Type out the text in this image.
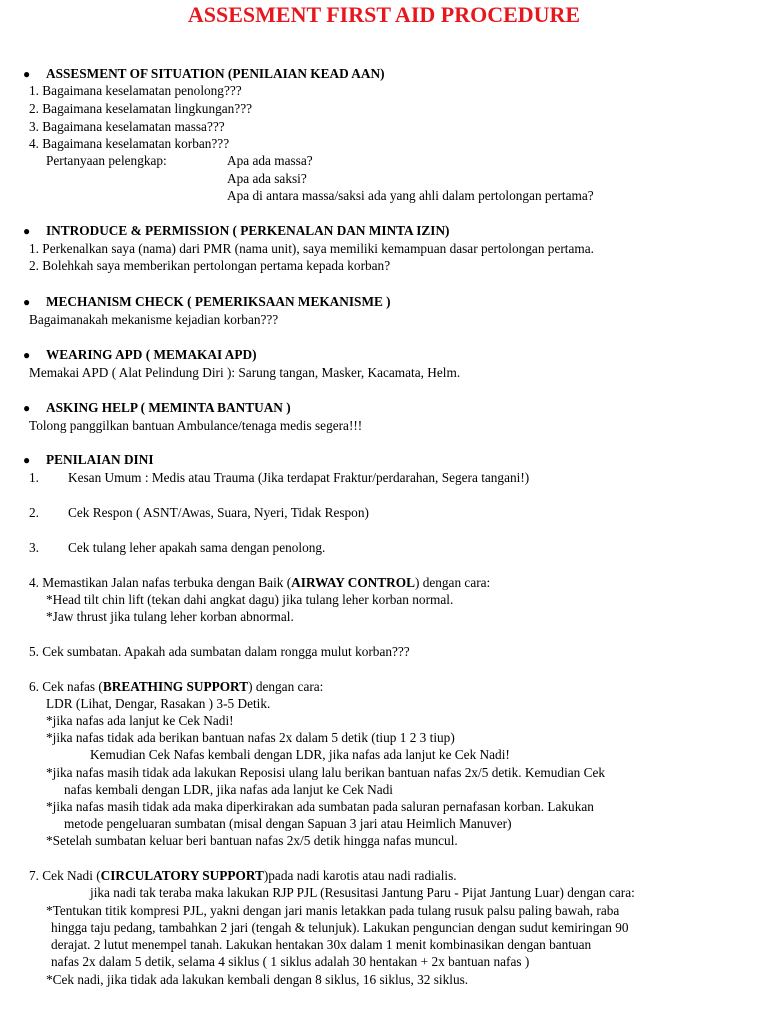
ASSESMENT FIRST AID PROCEDURE
● ASSESMENT OF SITUATION (PENILAIAN KEAD AAN)
1. Bagaimana keselamatan penolong???
2. Bagaimana keselamatan lingkungan???
3. Bagaimana keselamatan massa???
4. Bagaimana keselamatan korban???
Pertanyaan pelengkap:	Apa ada massa?
Apa ada saksi?
Apa di antara massa/saksi ada yang ahli dalam pertolongan pertama?
● INTRODUCE & PERMISSION ( PERKENALAN DAN MINTA IZIN)
1. Perkenalkan saya (nama) dari PMR (nama unit), saya memiliki kemampuan dasar pertolongan pertama.
2. Bolehkah saya memberikan pertolongan pertama kepada korban?
● MECHANISM CHECK ( PEMERIKSAAN MEKANISME )
Bagaimanakah mekanisme kejadian korban???
● WEARING APD ( MEMAKAI APD)
Memakai APD ( Alat Pelindung Diri ): Sarung tangan, Masker, Kacamata, Helm.
● ASKING HELP ( MEMINTA BANTUAN )
Tolong panggilkan bantuan Ambulance/tenaga medis segera!!!
● PENILAIAN DINI
1. Kesan Umum : Medis atau Trauma (Jika terdapat Fraktur/perdarahan, Segera tangani!)
2. Cek Respon ( ASNT/Awas, Suara, Nyeri, Tidak Respon)
3. Cek tulang leher apakah sama dengan penolong.
4. Memastikan Jalan nafas terbuka dengan Baik (AIRWAY CONTROL) dengan cara:
*Head tilt chin lift (tekan dahi angkat dagu) jika tulang leher korban normal.
*Jaw thrust jika tulang leher korban abnormal.
5. Cek sumbatan. Apakah ada sumbatan dalam rongga mulut korban???
6. Cek nafas (BREATHING SUPPORT) dengan cara:
LDR (Lihat, Dengar, Rasakan ) 3-5 Detik.
*jika nafas ada lanjut ke Cek Nadi!
*jika nafas tidak ada berikan bantuan nafas 2x dalam 5 detik (tiup 1 2 3 tiup)
Kemudian Cek Nafas kembali dengan LDR, jika nafas ada lanjut ke Cek Nadi!
*jika nafas masih tidak ada lakukan Reposisi ulang lalu berikan bantuan nafas 2x/5 detik. Kemudian Cek
nafas kembali dengan LDR, jika nafas ada lanjut ke Cek Nadi
*jika nafas masih tidak ada maka diperkirakan ada sumbatan pada saluran pernafasan korban. Lakukan
metode pengeluaran sumbatan (misal dengan Sapuan 3 jari atau Heimlich Manuver)
*Setelah sumbatan keluar beri bantuan nafas 2x/5 detik hingga nafas muncul.
7. Cek Nadi (CIRCULATORY SUPPORT)pada nadi karotis atau nadi radialis.
jika nadi tak teraba maka lakukan RJP PJL (Resusitasi Jantung Paru - Pijat Jantung Luar) dengan cara:
*Tentukan titik kompresi PJL, yakni dengan jari manis letakkan pada tulang rusuk palsu paling bawah, raba
hingga taju pedang, tambahkan 2 jari (tengah & telunjuk). Lakukan penguncian dengan sudut kemiringan 90
derajat. 2 lutut menempel tanah. Lakukan hentakan 30x dalam 1 menit kombinasikan dengan bantuan
nafas 2x dalam 5 detik, selama 4 siklus ( 1 siklus adalah 30 hentakan + 2x bantuan nafas )
*Cek nadi, jika tidak ada lakukan kembali dengan 8 siklus, 16 siklus, 32 siklus.
